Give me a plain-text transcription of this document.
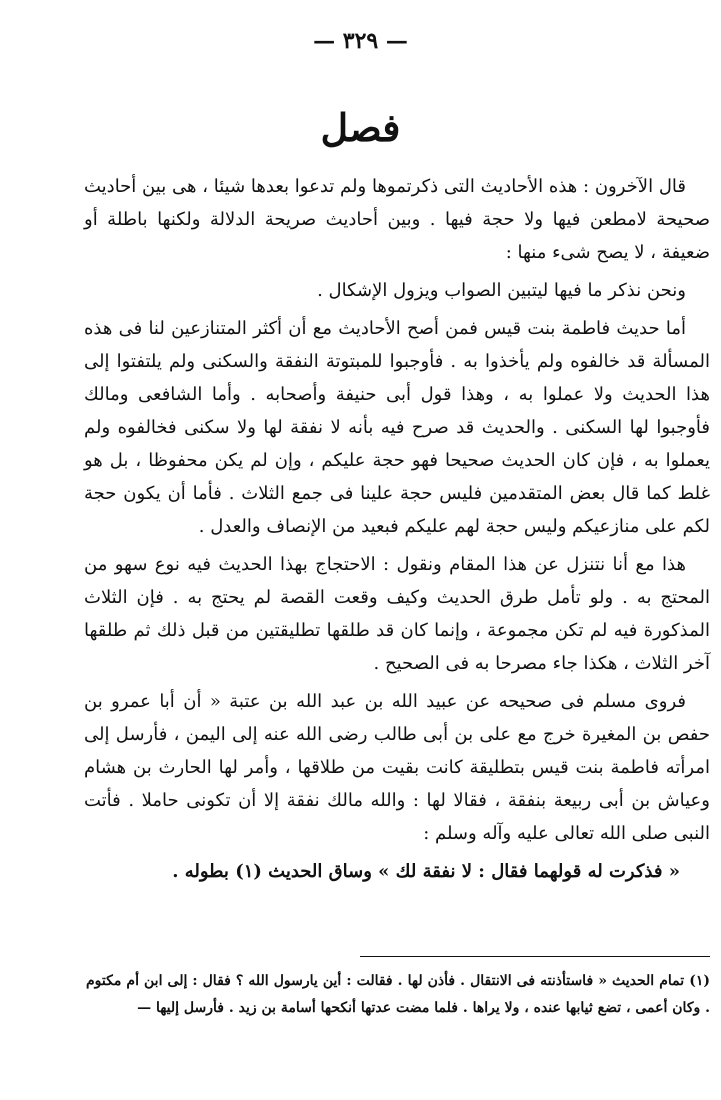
— ٣٢٩ —
فصل

قال الآخرون : هذه الأحاديث التى ذكرتموها ولم تدعوا بعدها شيئا ، هى بين أحاديث صحيحة لامطعن فيها ولا حجة فيها . وبين أحاديث صريحة الدلالة ولكنها باطلة أو ضعيفة ، لا يصح شىء منها :

ونحن نذكر ما فيها ليتبين الصواب ويزول الإشكال .

أما حديث فاطمة بنت قيس فمن أصح الأحاديث مع أن أكثر المتنازعين لنا فى هذه المسألة قد خالفوه ولم يأخذوا به . فأوجبوا للمبتوتة النفقة والسكنى ولم يلتفتوا إلى هذا الحديث ولا عملوا به ، وهذا قول أبى حنيفة وأصحابه . وأما الشافعى ومالك فأوجبوا لها السكنى . والحديث قد صرح فيه بأنه لا نفقة لها ولا سكنى فخالفوه ولم يعملوا به ، فإن كان الحديث صحيحا فهو حجة عليكم ، وإن لم يكن محفوظا ، بل هو غلط كما قال بعض المتقدمين فليس حجة علينا فى جمع الثلاث . فأما أن يكون حجة لكم على منازعيكم وليس حجة لهم عليكم فبعيد من الإنصاف والعدل .

هذا مع أنا نتنزل عن هذا المقام ونقول : الاحتجاج بهذا الحديث فيه نوع سهو من المحتج به . ولو تأمل طرق الحديث وكيف وقعت القصة لم يحتج به . فإن الثلاث المذكورة فيه لم تكن مجموعة ، وإنما كان قد طلقها تطليقتين من قبل ذلك ثم طلقها آخر الثلاث ، هكذا جاء مصرحا به فى الصحيح .

فروى مسلم فى صحيحه عن عبيد الله بن عبد الله بن عتبة « أن أبا عمرو بن حفص بن المغيرة خرج مع على بن أبى طالب رضى الله عنه إلى اليمن ، فأرسل إلى امرأته فاطمة بنت قيس بتطليقة كانت بقيت من طلاقها ، وأمر لها الحارث بن هشام وعياش بن أبى ربيعة بنفقة ، فقالا لها : والله مالك نفقة إلا أن تكونى حاملا . فأتت النبى صلى الله تعالى عليه وآله وسلم :

« فذكرت له قولهما فقال : لا نفقة لك » وساق الحديث (١) بطوله .

(١) تمام الحديث « فاستأذنته فى الانتقال . فأذن لها . فقالت : أين يارسول الله ؟ فقال : إلى ابن أم مكتوم . وكان أعمى ، تضع ثيابها عنده ، ولا يراها . فلما مضت عدتها أنكحها أسامة بن زيد . فأرسل إليها —
